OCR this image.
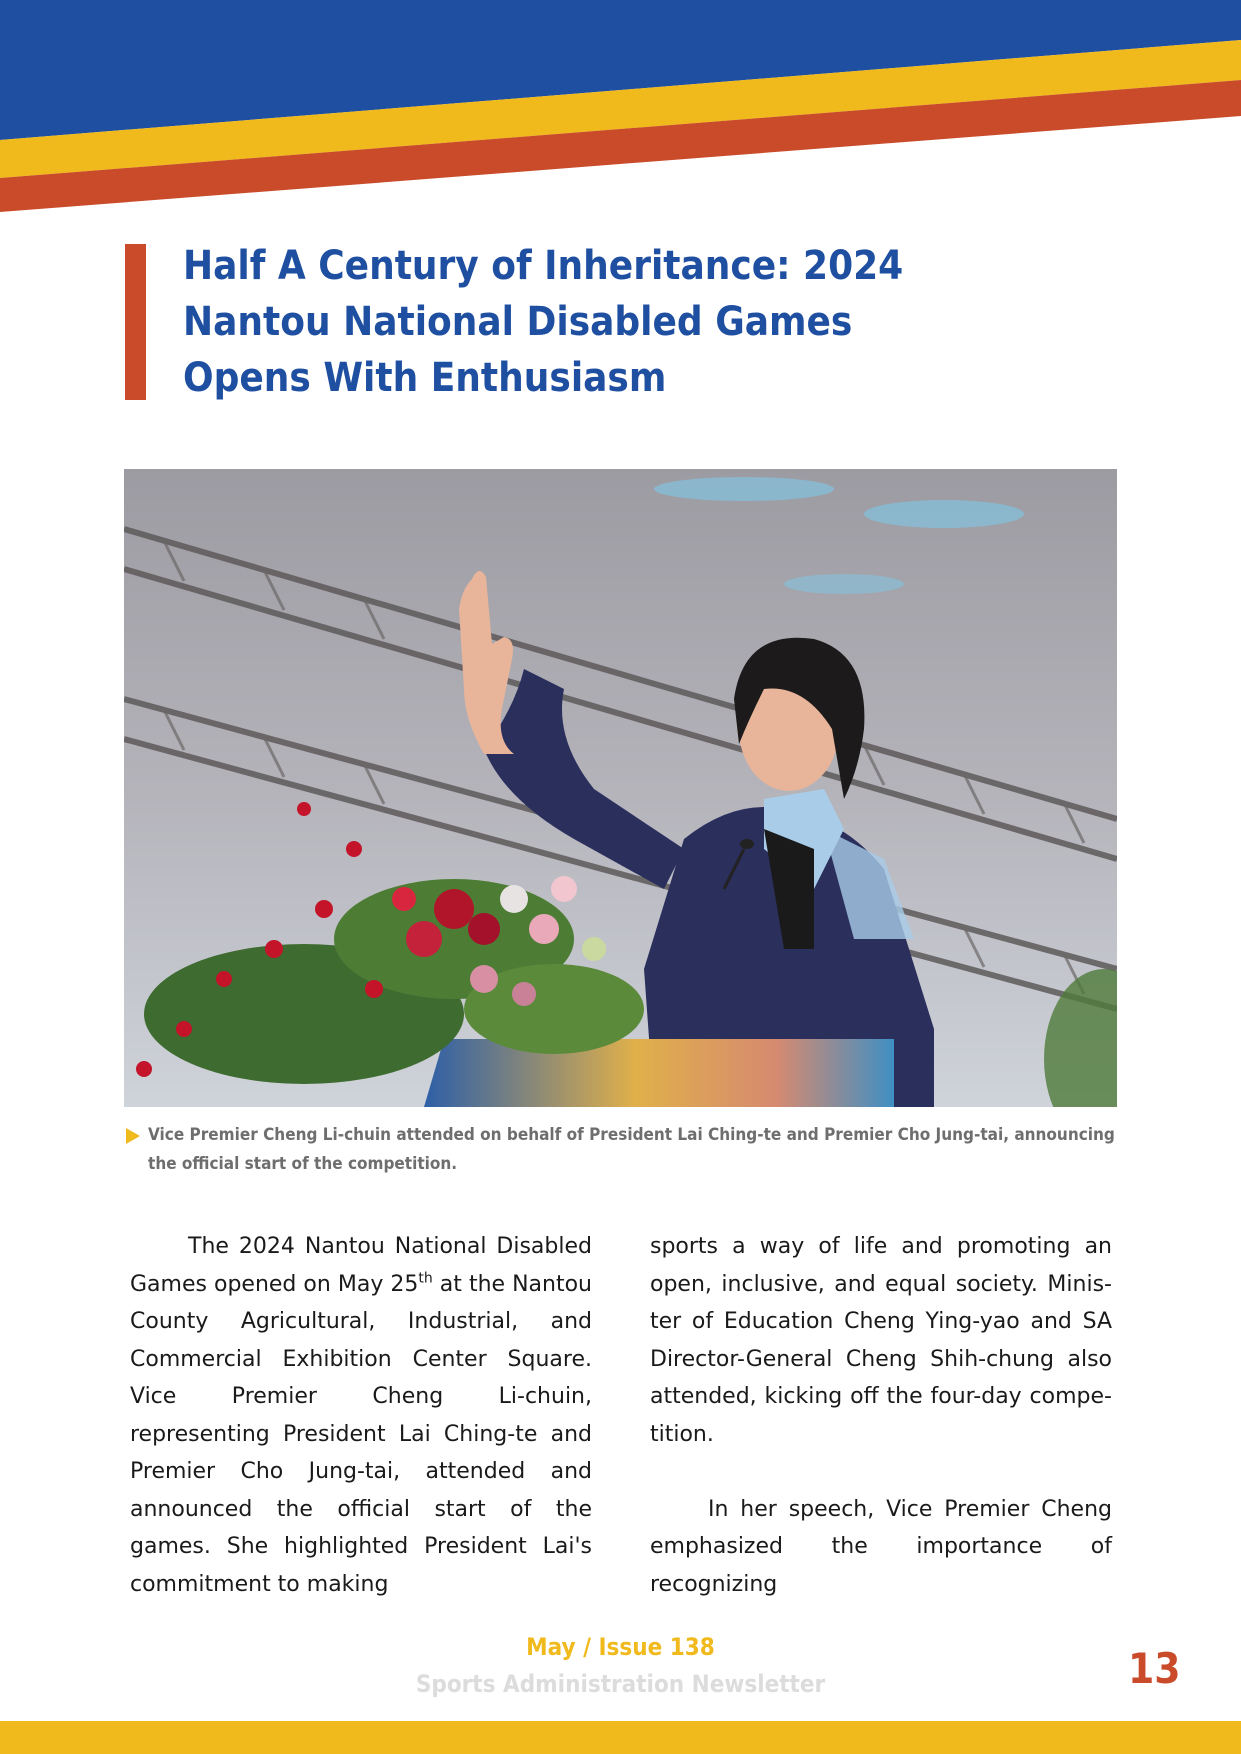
Half A Century of Inheritance: 2024
Nantou National Disabled Games
Opens With Enthusiasm
Vice Premier Cheng Li-chuin attended on behalf of President Lai Ching-te and Premier Cho Jung-tai, announcing the official start of the competition.

The 2024 Nantou National Disabled Games opened on May 25th at the Nantou County Agricultural, Industrial, and Commercial Exhibition Center Square. Vice Premier Cheng Li-chuin, representing President Lai Ching-te and Premier Cho Jung-tai, attended and announced the official start of the games. She highlighted President Lai's commitment to making

sports a way of life and promoting an open, inclusive, and equal society. Minister of Education Cheng Ying-yao and SA Director-General Cheng Shih-chung also attended, kicking off the four-day competition.

In her speech, Vice Premier Cheng emphasized the importance of recognizing

May / Issue 138
Sports Administration Newsletter	13
